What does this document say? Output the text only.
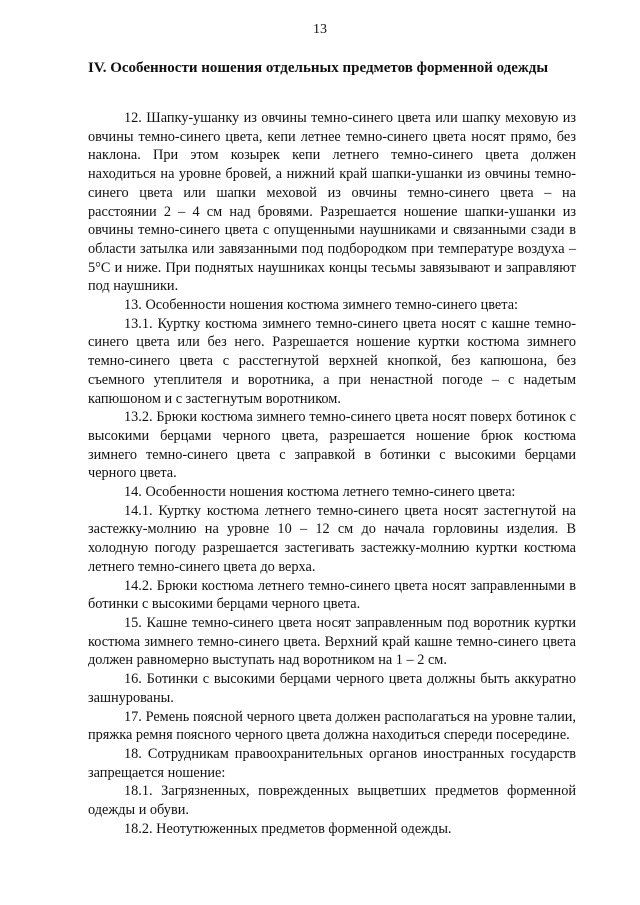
13
IV. Особенности ношения отдельных предметов форменной одежды

12. Шапку-ушанку из овчины темно-синего цвета или шапку меховую из овчины темно-синего цвета, кепи летнее темно-синего цвета носят прямо, без наклона. При этом козырек кепи летнего темно-синего цвета должен находиться на уровне бровей, а нижний край шапки-ушанки из овчины темно-синего цвета или шапки меховой из овчины темно-синего цвета – на расстоянии 2 – 4 см над бровями. Разрешается ношение шапки-ушанки из овчины темно-синего цвета с опущенными наушниками и связанными сзади в области затылка или завязанными под подбородком при температуре воздуха –5°С и ниже. При поднятых наушниках концы тесьмы завязывают и заправляют под наушники.

13. Особенности ношения костюма зимнего темно-синего цвета:

13.1. Куртку костюма зимнего темно-синего цвета носят с кашне темно-синего цвета или без него. Разрешается ношение куртки костюма зимнего темно-синего цвета с расстегнутой верхней кнопкой, без капюшона, без съемного утеплителя и воротника, а при ненастной погоде – с надетым капюшоном и с застегнутым воротником.

13.2. Брюки костюма зимнего темно-синего цвета носят поверх ботинок с высокими берцами черного цвета, разрешается ношение брюк костюма зимнего темно-синего цвета с заправкой в ботинки с высокими берцами черного цвета.

14. Особенности ношения костюма летнего темно-синего цвета:

14.1. Куртку костюма летнего темно-синего цвета носят застегнутой на застежку-молнию на уровне 10 – 12 см до начала горловины изделия. В холодную погоду разрешается застегивать застежку-молнию куртки костюма летнего темно-синего цвета до верха.

14.2. Брюки костюма летнего темно-синего цвета носят заправленными в ботинки с высокими берцами черного цвета.

15. Кашне темно-синего цвета носят заправленным под воротник куртки костюма зимнего темно-синего цвета. Верхний край кашне темно-синего цвета должен равномерно выступать над воротником на 1 – 2 см.

16. Ботинки с высокими берцами черного цвета должны быть аккуратно зашнурованы.

17. Ремень поясной черного цвета должен располагаться на уровне талии, пряжка ремня поясного черного цвета должна находиться спереди посередине.

18. Сотрудникам правоохранительных органов иностранных государств запрещается ношение:

18.1. Загрязненных, поврежденных выцветших предметов форменной одежды и обуви.

18.2. Неотутюженных предметов форменной одежды.
